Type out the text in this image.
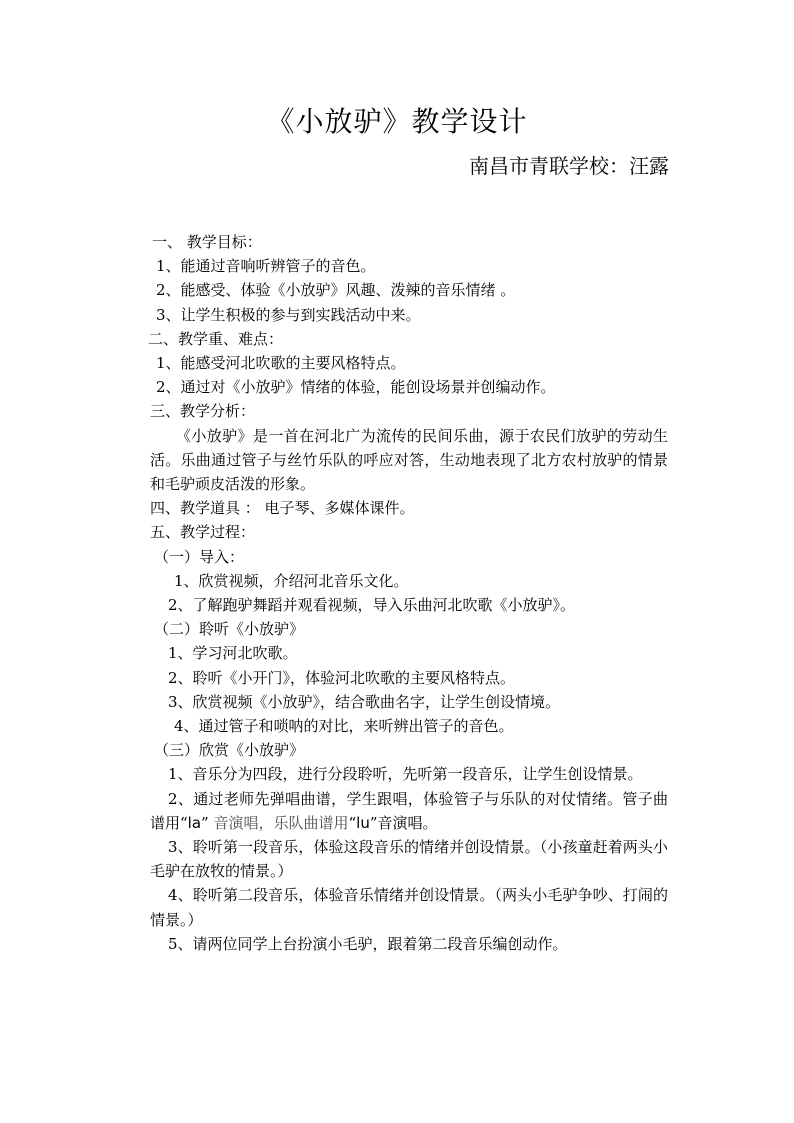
《小放驴》教学设计
南昌市青联学校：汪露
一、 教学目标：
1、能通过音响听辨管子的音色。
2、能感受、体验《小放驴》风趣、泼辣的音乐情绪 。
3、让学生积极的参与到实践活动中来。
二、教学重、难点：
1、能感受河北吹歌的主要风格特点。
2、通过对《小放驴》情绪的体验，能创设场景并创编动作。
三、教学分析：
《小放驴》是一首在河北广为流传的民间乐曲，源于农民们放驴的劳动生活。乐曲通过管子与丝竹乐队的呼应对答，生动地表现了北方农村放驴的情景和毛驴顽皮活泼的形象。
四、教学道具 ： 电子琴、多媒体课件。
五、教学过程：
（一）导入：
1、欣赏视频，介绍河北音乐文化。
2、了解跑驴舞蹈并观看视频，导入乐曲河北吹歌《小放驴》。
（二）聆听《小放驴》
1、学习河北吹歌。
2、聆听《小开门》，体验河北吹歌的主要风格特点。
3、欣赏视频《小放驴》，结合歌曲名字，让学生创设情境。
4、通过管子和唢呐的对比，来听辨出管子的音色。
（三）欣赏《小放驴》
1、音乐分为四段，进行分段聆听，先听第一段音乐，让学生创设情景。
2、通过老师先弹唱曲谱，学生跟唱，体验管子与乐队的对仗情绪。管子曲谱用“la” 音演唱，乐队曲谱用“lu”音演唱。
3、聆听第一段音乐，体验这段音乐的情绪并创设情景。（小孩童赶着两头小毛驴在放牧的情景。）
4、聆听第二段音乐，体验音乐情绪并创设情景。（两头小毛驴争吵、打闹的情景。）
5、请两位同学上台扮演小毛驴，跟着第二段音乐编创动作。
